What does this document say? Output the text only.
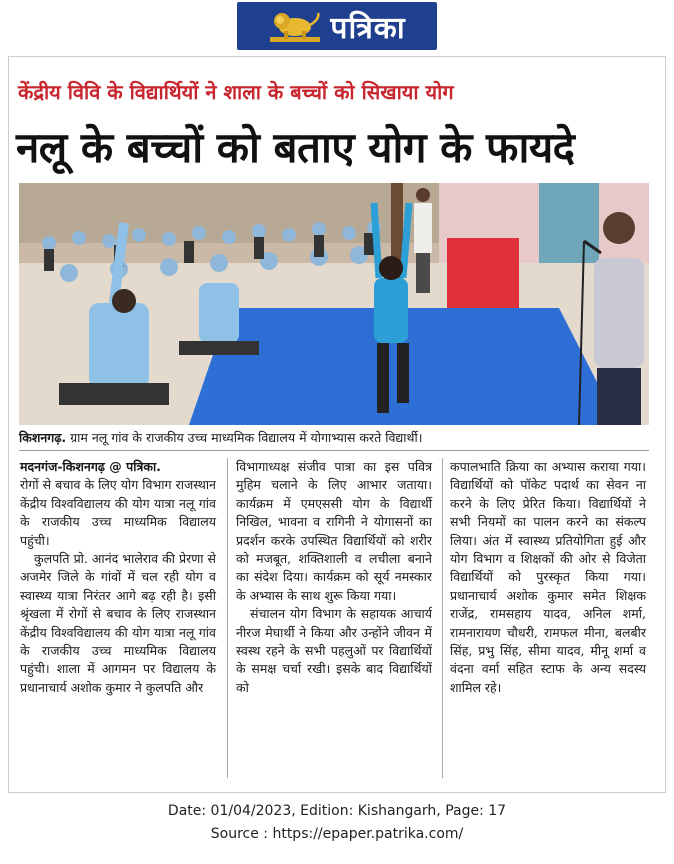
पत्रिका
केंद्रीय विवि के विद्यार्थियों ने शाला के बच्चों को सिखाया योग
नलू के बच्चों को बताए योग के फायदे
किशनगढ़. ग्राम नलू गांव के राजकीय उच्च माध्यमिक विद्यालय में योगाभ्यास करते विद्यार्थी।

मदनगंज-किशनगढ़ @ पत्रिका.
रोगों से बचाव के लिए योग विभाग राजस्थान केंद्रीय विश्वविद्यालय की योग यात्रा नलू गांव के राजकीय उच्च माध्यमिक विद्यालय पहुंची।

कुलपति प्रो. आनंद भालेराव की प्रेरणा से अजमेर जिले के गांवों में चल रही योग व स्वास्थ्य यात्रा निरंतर आगे बढ़ रही है। इसी श्रृंखला में रोगों से बचाव के लिए राजस्थान केंद्रीय विश्वविद्यालय की योग यात्रा नलू गांव के राजकीय उच्च माध्यमिक विद्यालय पहुंची। शाला में आगमन पर विद्यालय के प्रधानाचार्य अशोक कुमार ने कुलपति और

विभागाध्यक्ष संजीव पात्रा का इस पवित्र मुहिम चलाने के लिए आभार जताया। कार्यक्रम में एमएससी योग के विद्यार्थी निखिल, भावना व रागिनी ने योगासनों का प्रदर्शन करके उपस्थित विद्यार्थियों को शरीर को मजबूत, शक्तिशाली व लचीला बनाने का संदेश दिया। कार्यक्रम को सूर्य नमस्कार के अभ्यास के साथ शुरू किया गया।

संचालन योग विभाग के सहायक आचार्य नीरज मेघार्थी ने किया और उन्होंने जीवन में स्वस्थ रहने के सभी पहलुओं पर विद्यार्थियों के समक्ष चर्चा रखी। इसके बाद विद्यार्थियों को

कपालभाति क्रिया का अभ्यास कराया गया। विद्यार्थियों को पॉकेट पदार्थ का सेवन ना करने के लिए प्रेरित किया। विद्यार्थियों ने सभी नियमों का पालन करने का संकल्प लिया। अंत में स्वास्थ्य प्रतियोगिता हुई और योग विभाग व शिक्षकों की ओर से विजेता विद्यार्थियों को पुरस्कृत किया गया। प्रधानाचार्य अशोक कुमार समेत शिक्षक राजेंद्र, रामसहाय यादव, अनिल शर्मा, रामनारायण चौधरी, रामफल मीना, बलबीर सिंह, प्रभु सिंह, सीमा यादव, मीनू शर्मा व वंदना वर्मा सहित स्टाफ के अन्य सदस्य शामिल रहे।

Date: 01/04/2023, Edition: Kishangarh, Page: 17
Source : https://epaper.patrika.com/
